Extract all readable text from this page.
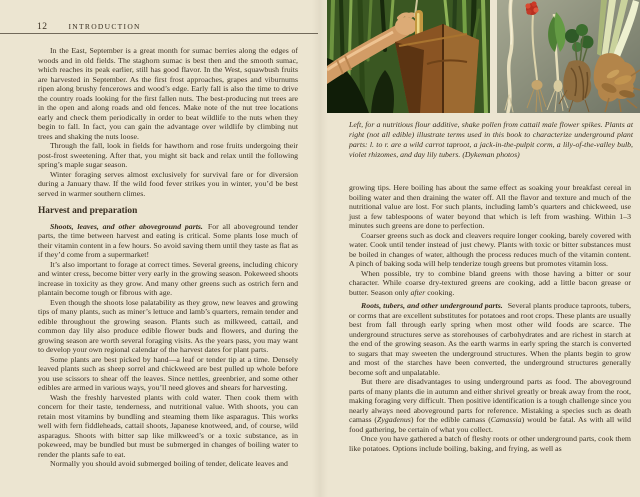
12	INTRODUCTION

In the East, September is a great month for sumac berries along the edges of woods and in old fields. The staghorn sumac is best then and the smooth sumac, which reaches its peak earlier, still has good flavor. In the West, squawbush fruits are harvested in September. As the first frost approaches, grapes and viburnums ripen along brushy fencerows and wood’s edge. Early fall is also the time to drive the country roads looking for the first fallen nuts. The best-producing nut trees are in the open and along roads and old fences. Make note of the nut tree locations early and check them periodically in order to beat wildlife to the nuts when they begin to fall. In fact, you can gain the advantage over wildlife by climbing nut trees and shaking the nuts loose.

Through the fall, look in fields for hawthorn and rose fruits undergoing their post-frost sweetening. After that, you might sit back and relax until the following spring’s maple sugar season.

Winter foraging serves almost exclusively for survival fare or for diversion during a January thaw. If the wild food fever strikes you in winter, you’d be best served in warmer southern climes.

Harvest and preparation

Shoots, leaves, and other aboveground parts. For all aboveground tender parts, the time between harvest and eating is critical. Some plants lose much of their vitamin content in a few hours. So avoid saving them until they taste as flat as if they’d come from a supermarket!

It’s also important to forage at correct times. Several greens, including chicory and winter cress, become bitter very early in the growing season. Pokeweed shoots increase in toxicity as they grow. And many other greens such as ostrich fern and plantain become tough or fibrous with age.

Even though the shoots lose palatability as they grow, new leaves and growing tips of many plants, such as miner’s lettuce and lamb’s quarters, remain tender and edible throughout the growing season. Plants such as milkweed, cattail, and common day lily also produce edible flower buds and flowers, and during the growing season are worth several foraging visits. As the years pass, you may want to develop your own regional calendar of the harvest dates for plant parts.

Some plants are best picked by hand—a leaf or tender tip at a time. Densely leaved plants such as sheep sorrel and chickweed are best pulled up whole before you use scissors to shear off the leaves. Since nettles, greenbrier, and some other edibles are armed in various ways, you’ll need gloves and shears for harvesting.

Wash the freshly harvested plants with cold water. Then cook them with concern for their taste, tenderness, and nutritional value. With shoots, you can retain most vitamins by bundling and steaming them like asparagus. This works well with fern fiddleheads, cattail shoots, Japanese knotweed, and, of course, wild asparagus. Shoots with bitter sap like milkweed’s or a toxic substance, as in pokeweed, may be bundled but must be submerged in changes of boiling water to render the plants safe to eat.

Normally you should avoid submerged boiling of tender, delicate leaves and

Left, for a nutritious flour additive, shake pollen from cattail male flower spikes. Plants at right (not all edible) illustrate terms used in this book to characterize underground plant parts: l. to r. are a wild carrot taproot, a jack-in-the-pulpit corm, a lily-of-the-valley bulb, violet rhizomes, and day lily tubers. (Dykeman photos)

growing tips. Here boiling has about the same effect as soaking your breakfast cereal in boiling water and then draining the water off. All the flavor and texture and much of the nutritional value are lost. For such plants, including lamb’s quarters and chickweed, use just a few tablespoons of water beyond that which is left from washing. Within 1–3 minutes such greens are done to perfection.

Coarser greens such as dock and cleavers require longer cooking, barely covered with water. Cook until tender instead of just chewy. Plants with toxic or bitter substances must be boiled in changes of water, although the process reduces much of the vitamin content. A pinch of baking soda will help tenderize tough greens but promotes vitamin loss.

When possible, try to combine bland greens with those having a bitter or sour character. While coarse dry-textured greens are cooking, add a little bacon grease or butter. Season only after cooking.

Roots, tubers, and other underground parts. Several plants produce taproots, tubers, or corms that are excellent substitutes for potatoes and root crops. These plants are usually best from fall through early spring when most other wild foods are scarce. The underground structures serve as storehouses of carbohydrates and are richest in starch at the end of the growing season. As the earth warms in early spring the starch is converted to sugars that may sweeten the underground structures. When the plants begin to grow and most of the starches have been converted, the underground structures generally become soft and unpalatable.

But there are disadvantages to using underground parts as food. The aboveground parts of many plants die in autumn and either shrivel greatly or break away from the root, making foraging very difficult. Then positive identification is a tough challenge since you nearly always need aboveground parts for reference. Mistaking a species such as death camass (Zygadenus) for the edible camass (Camassia) would be fatal. As with all wild food gathering, be certain of what you collect.

Once you have gathered a batch of fleshy roots or other underground parts, cook them like potatoes. Options include boiling, baking, and frying, as well as
